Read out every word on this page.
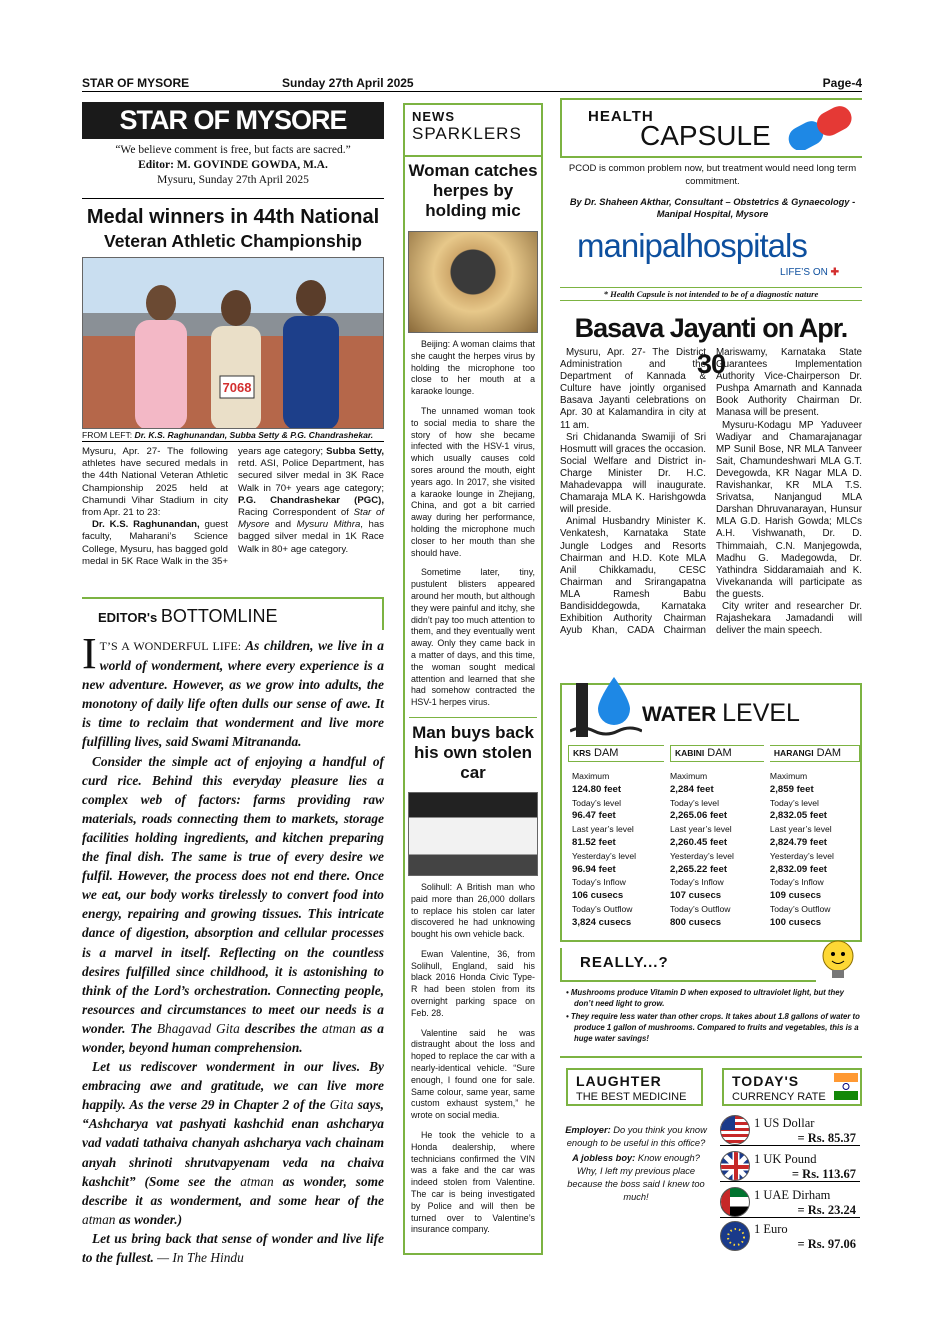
STAR OF MYSORE	Sunday 27th April 2025	Page-4
STAR OF MYSORE
“We believe comment is free, but facts are sacred.”
Editor: M. GOVINDE GOWDA, M.A.
Mysuru, Sunday 27th April 2025
Medal winners in 44th National
Veteran Athletic Championship
7068
FROM LEFT: Dr. K.S. Raghunandan, Subba Setty & P.G. Chandrashekar.

Mysuru, Apr. 27- The following athletes have secured medals in the 44th National Veteran Athletic Championship 2025 held at Chamundi Vihar Stadium in city from Apr. 21 to 23:

Dr. K.S. Raghunandan, guest faculty, Maharani’s Science College, Mysuru, has bagged gold medal in 5K Race Walk in the 35+ years age category; Subba Setty, retd. ASI, Police Department, has secured silver medal in 3K Race Walk in 70+ years age category; P.G. Chandrashekar (PGC), Racing Correspondent of Star of Mysore and Mysuru Mithra, has bagged silver medal in 1K Race Walk in 80+ age category.

EDITOR's BOTTOMLINE

I T’S A WONDERFUL LIFE: As children, we live in a world of wonderment, where every experience is a new adventure. However, as we grow into adults, the monotony of daily life often dulls our sense of awe. It is time to reclaim that wonderment and live more fulfilling lives, said Swami Mitrananda.

Consider the simple act of enjoying a handful of curd rice. Behind this everyday pleasure lies a complex web of factors: farms providing raw materials, roads connecting them to markets, storage facilities holding ingredients, and kitchen preparing the final dish. The same is true of every desire we fulfil. However, the process does not end there. Once we eat, our body works tirelessly to convert food into energy, repairing and growing tissues. This intricate dance of digestion, absorption and cellular processes is a marvel in itself. Reflecting on the countless desires fulfilled since childhood, it is astonishing to think of the Lord’s orchestration. Connecting people, resources and circumstances to meet our needs is a wonder. The Bhagavad Gita describes the atman as a wonder, beyond human comprehension.

Let us rediscover wonderment in our lives. By embracing awe and gratitude, we can live more happily. As the verse 29 in Chapter 2 of the Gita says, “Ashcharya vat pashyati kashchid enan ashcharya vad vadati tathaiva chanyah ashcharya vach chainam anyah shrinoti shrutvapyenam veda na chaiva kashchit” (Some see the atman as wonder, some describe it as wonderment, and some hear of the atman as wonder.)

Let us bring back that sense of wonder and live life to the fullest. — In The Hindu

NEWS
SPARKLERS
Woman catches herpes by holding mic

Beijing: A woman claims that she caught the herpes virus by holding the microphone too close to her mouth at a karaoke lounge.

The unnamed woman took to social media to share the story of how she became infected with the HSV-1 virus, which usually causes cold sores around the mouth, eight years ago. In 2017, she visited a karaoke lounge in Zhejiang, China, and got a bit carried away during her performance, holding the microphone much closer to her mouth than she should have.

Sometime later, tiny, pustulent blisters appeared around her mouth, but although they were painful and itchy, she didn’t pay too much attention to them, and they eventually went away. Only they came back in a matter of days, and this time, the woman sought medical attention and learned that she had somehow contracted the HSV-1 herpes virus.

Man buys back his own stolen car

Solihull: A British man who paid more than 26,000 dollars to replace his stolen car later discovered he had unknowing bought his own vehicle back.

Ewan Valentine, 36, from Solihull, England, said his black 2016 Honda Civic Type-R had been stolen from its overnight parking space on Feb. 28.

Valentine said he was distraught about the loss and hoped to replace the car with a nearly-identical vehicle. “Sure enough, I found one for sale. Same colour, same year, same custom exhaust system,” he wrote on social media.

He took the vehicle to a Honda dealership, where technicians confirmed the VIN was a fake and the car was indeed stolen from Valentine. The car is being investigated by Police and will then be turned over to Valentine’s insurance company.

HEALTH
CAPSULE
PCOD is common problem now, but treatment would need long term commitment.
By Dr. Shaheen Akthar, Consultant – Obstetrics & Gynaecology - Manipal Hospital, Mysore
manipalhospitals
LIFE’S ON ✚
* Health Capsule is not intended to be of a diagnostic nature
Basava Jayanti on Apr. 30

Mysuru, Apr. 27- The District Administration and the Department of Kannada & Culture have jointly organised Basava Jayanti celebrations on Apr. 30 at Kalamandira in city at 11 am.

Sri Chidananda Swamiji of Sri Hosmutt will graces the occasion. Social Welfare and District in-Charge Minister Dr. H.C. Mahadevappa will inaugurate. Chamaraja MLA K. Harishgowda will preside.

Animal Husbandry Minister K. Venkatesh, Karnataka State Jungle Lodges and Resorts Chairman and H.D. Kote MLA Anil Chikkamadu, CESC Chairman and Srirangapatna MLA Ramesh Babu Bandisiddegowda, Karnataka Exhibition Authority Chairman Ayub Khan, CADA Chairman Mariswamy, Karnataka State Guarantees Implementation Authority Vice-Chairperson Dr. Pushpa Amarnath and Kannada Book Authority Chairman Dr. Manasa will be present.

Mysuru-Kodagu MP Yaduveer Wadiyar and Chamarajanagar MP Sunil Bose, NR MLA Tanveer Sait, Chamundeshwari MLA G.T. Devegowda, KR Nagar MLA D. Ravishankar, KR MLA T.S. Srivatsa, Nanjangud MLA Darshan Dhruvanarayan, Hunsur MLA G.D. Harish Gowda; MLCs A.H. Vishwanath, Dr. D. Thimmaiah, C.N. Manjegowda, Madhu G. Madegowda, Dr. Yathindra Siddaramaiah and K. Vivekananda will participate as the guests.

City writer and researcher Dr. Rajashekara Jamadandi will deliver the main speech.

WATER LEVEL
KRS DAM
Maximum
124.80 feet
Today’s level
96.47 feet
Last year’s level
81.52 feet
Yesterday’s level
96.94 feet
Today’s Inflow
106 cusecs
Today’s Outflow
3,824 cusecs
KABINI DAM
Maximum
2,284 feet
Today’s level
2,265.06 feet
Last year’s level
2,260.45 feet
Yesterday’s level
2,265.22 feet
Today’s Inflow
107 cusecs
Today’s Outflow
800 cusecs
HARANGI DAM
Maximum
2,859 feet
Today’s level
2,832.05 feet
Last year’s level
2,824.79 feet
Yesterday’s level
2,832.09 feet
Today’s Inflow
109 cusecs
Today’s Outflow
100 cusecs
REALLY...?
• Mushrooms produce Vitamin D when exposed to ultraviolet light, but they don’t need light to grow.
• They require less water than other crops. It takes about 1.8 gallons of water to produce 1 gallon of mushrooms. Compared to fruits and vegetables, this is a huge water savings!
LAUGHTER
THE BEST MEDICINE

Employer: Do you think you know enough to be useful in this office?

A jobless boy: Know enough? Why, I left my previous place because the boss said I knew too much!

TODAY'S
CURRENCY RATE
1 US Dollar
= Rs. 85.37
1 UK Pound
= Rs. 113.67
1 UAE Dirham
= Rs. 23.24
1 Euro
= Rs. 97.06
